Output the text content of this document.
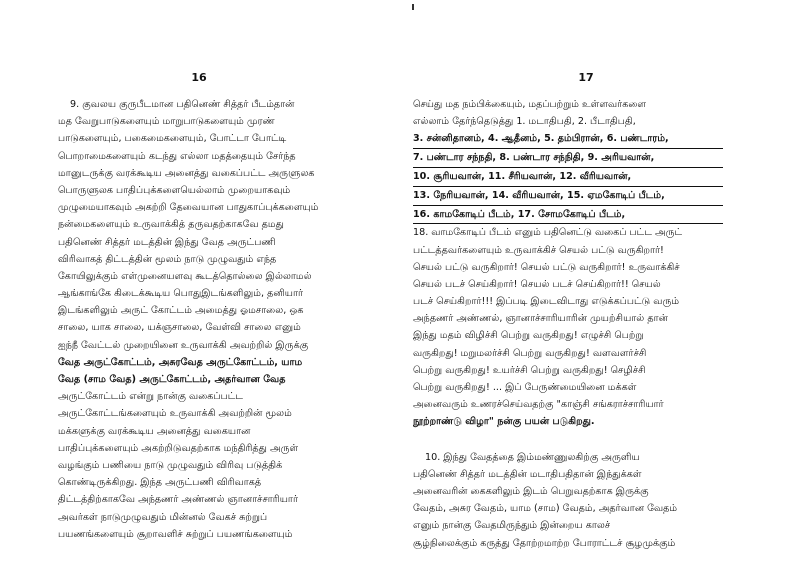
16
9. குவலய குருபீடமான பதினெண் சித்தர் பீடம்தான்
மத வேறுபாடுகளையும் மாறுபாடுகளையும் முரண்
பாடுகளையும், பகைமைகளையும், போட்டா போட்டி
பொறாமைகளையும் கடந்து எல்லா மதத்தையும் சேர்ந்த
மானுடருக்கு வரக்கூடிய அனைத்து வகைப்பட்ட அருளுலக
பொருளுலக பாதிப்புக்களையெல்லாம் முறையாகவும்
முழுமையாகவும் அகற்றி தேவையான பாதுகாப்புக்களையும்
நன்மைகளையும் உருவாக்கித் தருவதற்காகவே தமது
பதினெண் சித்தர் மடத்தின் இந்து வேத அருட்பணி
விரிவாகத் திட்டத்தின் மூலம் நாடு முழுவதும் எந்த
கோயிலுக்கும் எள்முனையளவு கூடத்தொல்லை இல்லாமல்
ஆங்காங்கே கிடைக்கூடிய பொதுஇடங்களிலும், தனியார்
இடங்களிலும் அருட் கோட்டம் அமைத்து ஓமசாலை, ஒக
சாலை, யாக சாலை, யக்ஞசாலை, வேள்வி சாலை எனும்
ஐந்நீ வேட்டல் முறையினை உருவாக்கி அவற்றில் இருக்கு
வேத அருட்கோட்டம், அசுரவேத அருட்கோட்டம், யாம
வேத (சாம வேத) அருட்கோட்டம், அதர்வான வேத
அருட்கோட்டம் என்று நான்கு வகைப்பட்ட
அருட்கோட்டங்களையும் உருவாக்கி அவற்றின் மூலம்
மக்களுக்கு வரக்கூடிய அனைத்து வகையான
பாதிப்புக்களையும் அகற்றிடுவதற்காக மந்திரித்து அருள்
வழங்கும் பணியை நாடு முழுவதும் விரிவு படுத்திக்
கொண்டிருக்கிறது. இந்த அருட்பணி விரிவாகத்
திட்டத்திற்காகவே அந்தணர் அண்ணல் ஞானாச்சாரியார்
அவர்கள் நாடுமுழுவதும் மின்னல் வேகச் சுற்றுப்
பயணங்களையும் சூறாவளிச் சுற்றுப் பயணங்களையும்
17
செய்து மத நம்பிக்கையும், மதப்பற்றும் உள்ளவர்களை
எல்லாம் தேர்ந்தெடுத்து 1. மடாதிபதி, 2. பீடாதிபதி,
3. சன்னிதானம், 4. ஆதீனம், 5. தம்பிரான், 6. பண்டாரம்,
7. பண்டார சந்நதி, 8. பண்டார சந்நிதி, 9. அரியவான்,
10. சூரியவான், 11. சீரியவான், 12. வீரியவான்,
13. நேரியவான், 14. வீரியவான், 15. ஏமகோடிப் பீடம்,
16. காமகோடிப் பீடம், 17. சோமகோடிப் பீடம்,
18. வாமகோடிப் பீடம் எனும் பதினெட்டு வகைப் பட்ட அருட்
பட்டத்தவர்களையும் உருவாக்கிச் செயல் பட்டு வருகிறார்!
செயல் பட்டு வருகிறார்! செயல் பட்டு வருகிறார்! உருவாக்கிச்
செயல் படச் செய்கிறார்! செயல் படச் செய்கிறார்!! செயல்
படச் செய்கிறார்!!! இப்படி இடைவிடாது எடுக்கப்பட்டு வரும்
அந்தணர் அண்ணல், ஞானாச்சாரியாரின் முயற்சியால் தான்
இந்து மதம் விழிச்சி பெற்று வருகிறது! எழுச்சி பெற்று
வருகிறது! மறுமலர்ச்சி பெற்று வருகிறது! வளவளர்ச்சி
பெற்று வருகிறது! உயர்ச்சி பெற்று வருகிறது! செழிச்சி
பெற்று வருகிறது! ... இப் பேருண்மையினை மக்கள்
அனைவரும் உணரச்செய்வதற்கு "காஞ்சி சங்கராச்சாரியார்
நூற்றாண்டு விழா" நன்கு பயன் படுகிறது.
10. இந்து வேதத்தை இம்மண்ணுலகிற்கு அருளிய
பதினெண் சித்தர் மடத்தின் மடாதிபதிதான் இந்துக்கள்
அனைவரின் கைகளிலும் இடம் பெறுவதற்காக இருக்கு
வேதம், அசுர வேதம், யாம (சாம) வேதம், அதர்வான வேதம்
எனும் நான்கு வேதமிருந்தும் இன்றைய காலச்
சூழ்நிலைக்கும் கருத்து தோற்றமாற்ற போராட்டச் சூழமுக்கும்
